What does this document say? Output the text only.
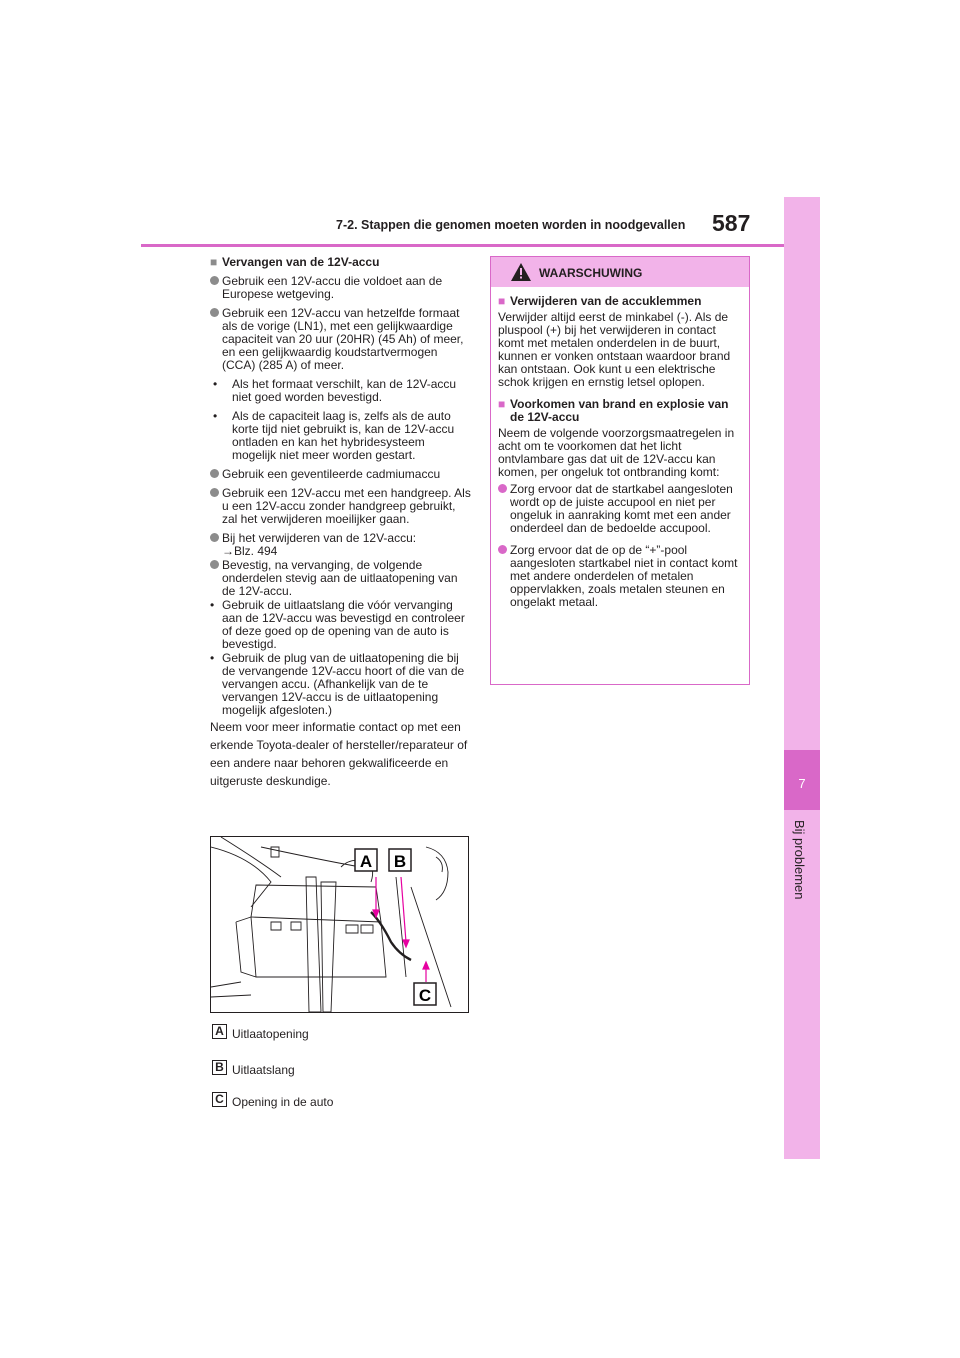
7
Bij problemen
7-2. Stappen die genomen moeten worden in noodgevallen	587
■ Vervangen van de 12V-accu
Gebruik een 12V-accu die voldoet aan de Europese wetgeving.
Gebruik een 12V-accu van hetzelfde formaat als de vorige (LN1), met een gelijkwaardige capaciteit van 20 uur (20HR) (45 Ah) of meer, en een gelijkwaardig koudstartvermogen (CCA) (285 A) of meer.
• Als het formaat verschilt, kan de 12V-accu niet goed worden bevestigd.
• Als de capaciteit laag is, zelfs als de auto korte tijd niet gebruikt is, kan de 12V-accu ontladen en kan het hybridesysteem mogelijk niet meer worden gestart.
Gebruik een geventileerde cadmiumaccu
Gebruik een 12V-accu met een handgreep. Als u een 12V-accu zonder handgreep gebruikt, zal het verwijderen moeilijker gaan.
Bij het verwijderen van de 12V-accu:
→Blz. 494
Bevestig, na vervanging, de volgende onderdelen stevig aan de uitlaatopening van de 12V-accu.
• Gebruik de uitlaatslang die vóór vervanging aan de 12V-accu was bevestigd en controleer of deze goed op de opening van de auto is bevestigd.
• Gebruik de plug van de uitlaatopening die bij de vervangende 12V-accu hoort of die van de vervangen accu. (Afhankelijk van de te vervangen 12V-accu is de uitlaatopening mogelijk afgesloten.)
Neem voor meer informatie contact op met een erkende Toyota-dealer of hersteller/reparateur of een andere naar behoren gekwalificeerde en uitgeruste deskundige.
A B
C
A Uitlaatopening
B Uitlaatslang
C Opening in de auto
WAARSCHUWING
■ Verwijderen van de accuklemmen
Verwijder altijd eerst de minkabel (-). Als de pluspool (+) bij het verwijderen in contact komt met metalen onderdelen in de buurt, kunnen er vonken ontstaan waardoor brand kan ontstaan. Ook kunt u een elektrische schok krijgen en ernstig letsel oplopen.
■ Voorkomen van brand en explosie van de 12V-accu
Neem de volgende voorzorgsmaatregelen in acht om te voorkomen dat het licht ontvlambare gas dat uit de 12V-accu kan komen, per ongeluk tot ontbranding komt:
Zorg ervoor dat de startkabel aangesloten wordt op de juiste accupool en niet per ongeluk in aanraking komt met een ander onderdeel dan de bedoelde accupool.
Zorg ervoor dat de op de “+”-pool aangesloten startkabel niet in contact komt met andere onderdelen of metalen oppervlakken, zoals metalen steunen en ongelakt metaal.
